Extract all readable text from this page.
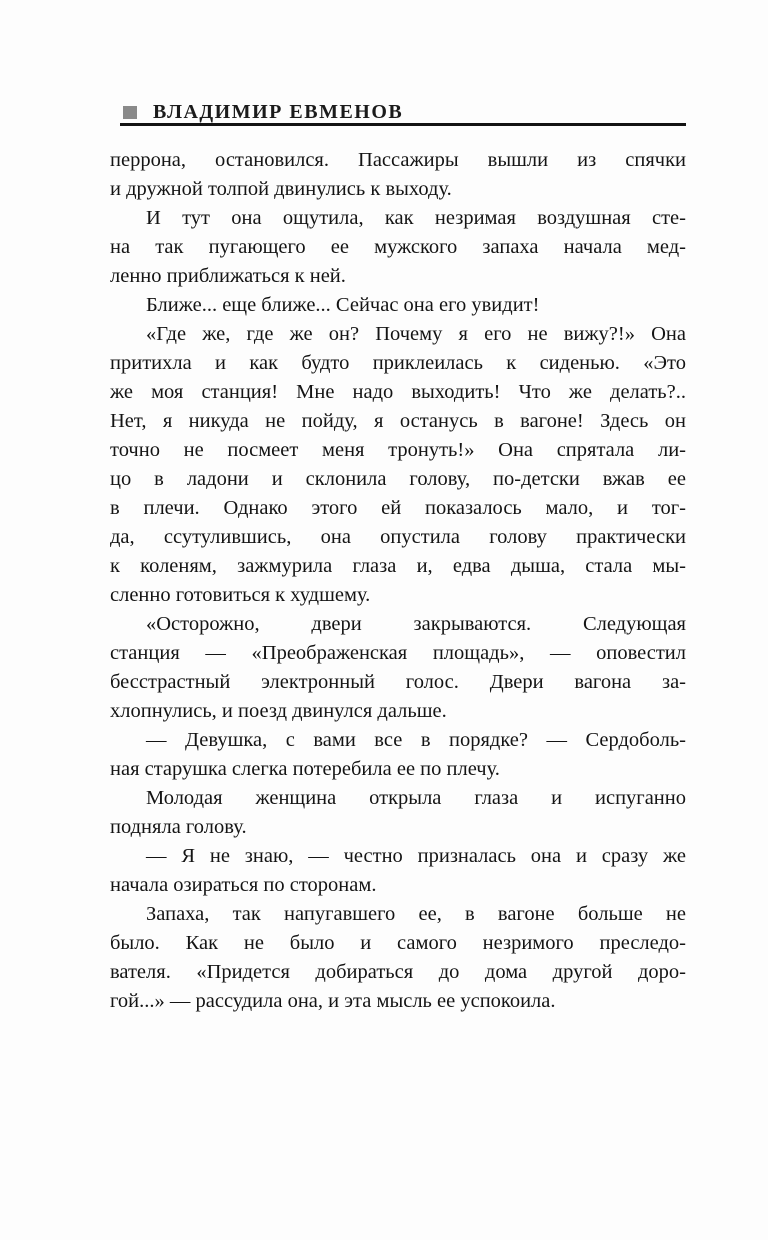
ВЛАДИМИР ЕВМЕНОВ
перрона, остановился. Пассажиры вышли из спячки
и дружной толпой двинулись к выходу.
И тут она ощутила, как незримая воздушная сте-
на так пугающего ее мужского запаха начала мед-
ленно приближаться к ней.
Ближе... еще ближе... Сейчас она его увидит!
«Где же, где же он? Почему я его не вижу?!» Она
притихла и как будто приклеилась к сиденью. «Это
же моя станция! Мне надо выходить! Что же делать?..
Нет, я никуда не пойду, я останусь в вагоне! Здесь он
точно не посмеет меня тронуть!» Она спрятала ли-
цо в ладони и склонила голову, по-детски вжав ее
в плечи. Однако этого ей показалось мало, и тог-
да, ссутулившись, она опустила голову практически
к коленям, зажмурила глаза и, едва дыша, стала мы-
сленно готовиться к худшему.
«Осторожно, двери закрываются. Следующая
станция — «Преображенская площадь», — оповестил
бесстрастный электронный голос. Двери вагона за-
хлопнулись, и поезд двинулся дальше.
— Девушка, с вами все в порядке? — Сердоболь-
ная старушка слегка потеребила ее по плечу.
Молодая женщина открыла глаза и испуганно
подняла голову.
— Я не знаю, — честно призналась она и сразу же
начала озираться по сторонам.
Запаха, так напугавшего ее, в вагоне больше не
было. Как не было и самого незримого преследо-
вателя. «Придется добираться до дома другой доро-
гой...» — рассудила она, и эта мысль ее успокоила.
